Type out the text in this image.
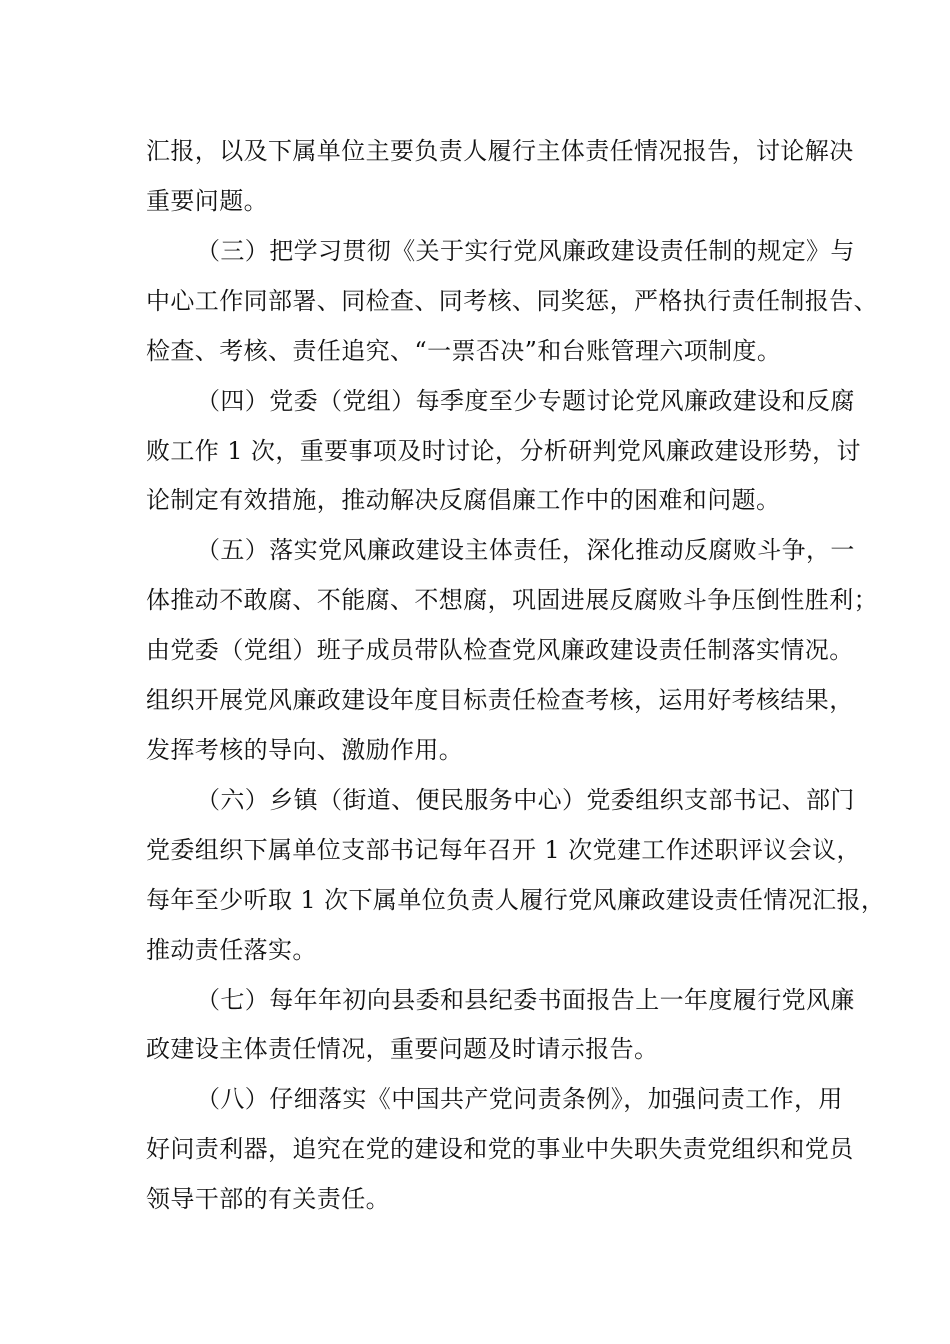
汇报，以及下属单位主要负责人履行主体责任情况报告，讨论解决
重要问题。
（三）把学习贯彻《关于实行党风廉政建设责任制的规定》与
中心工作同部署、同检查、同考核、同奖惩，严格执行责任制报告、
检查、考核、责任追究、“一票否决”和台账管理六项制度。
（四）党委（党组）每季度至少专题讨论党风廉政建设和反腐
败工作 1 次，重要事项及时讨论，分析研判党风廉政建设形势，讨
论制定有效措施，推动解决反腐倡廉工作中的困难和问题。
（五）落实党风廉政建设主体责任，深化推动反腐败斗争，一
体推动不敢腐、不能腐、不想腐，巩固进展反腐败斗争压倒性胜利；
由党委（党组）班子成员带队检查党风廉政建设责任制落实情况。
组织开展党风廉政建设年度目标责任检查考核，运用好考核结果，
发挥考核的导向、激励作用。
（六）乡镇（街道、便民服务中心）党委组织支部书记、部门
党委组织下属单位支部书记每年召开 1 次党建工作述职评议会议，
每年至少听取 1 次下属单位负责人履行党风廉政建设责任情况汇报，
推动责任落实。
（七）每年年初向县委和县纪委书面报告上一年度履行党风廉
政建设主体责任情况，重要问题及时请示报告。
（八）仔细落实《中国共产党问责条例》，加强问责工作，用
好问责利器，追究在党的建设和党的事业中失职失责党组织和党员
领导干部的有关责任。
